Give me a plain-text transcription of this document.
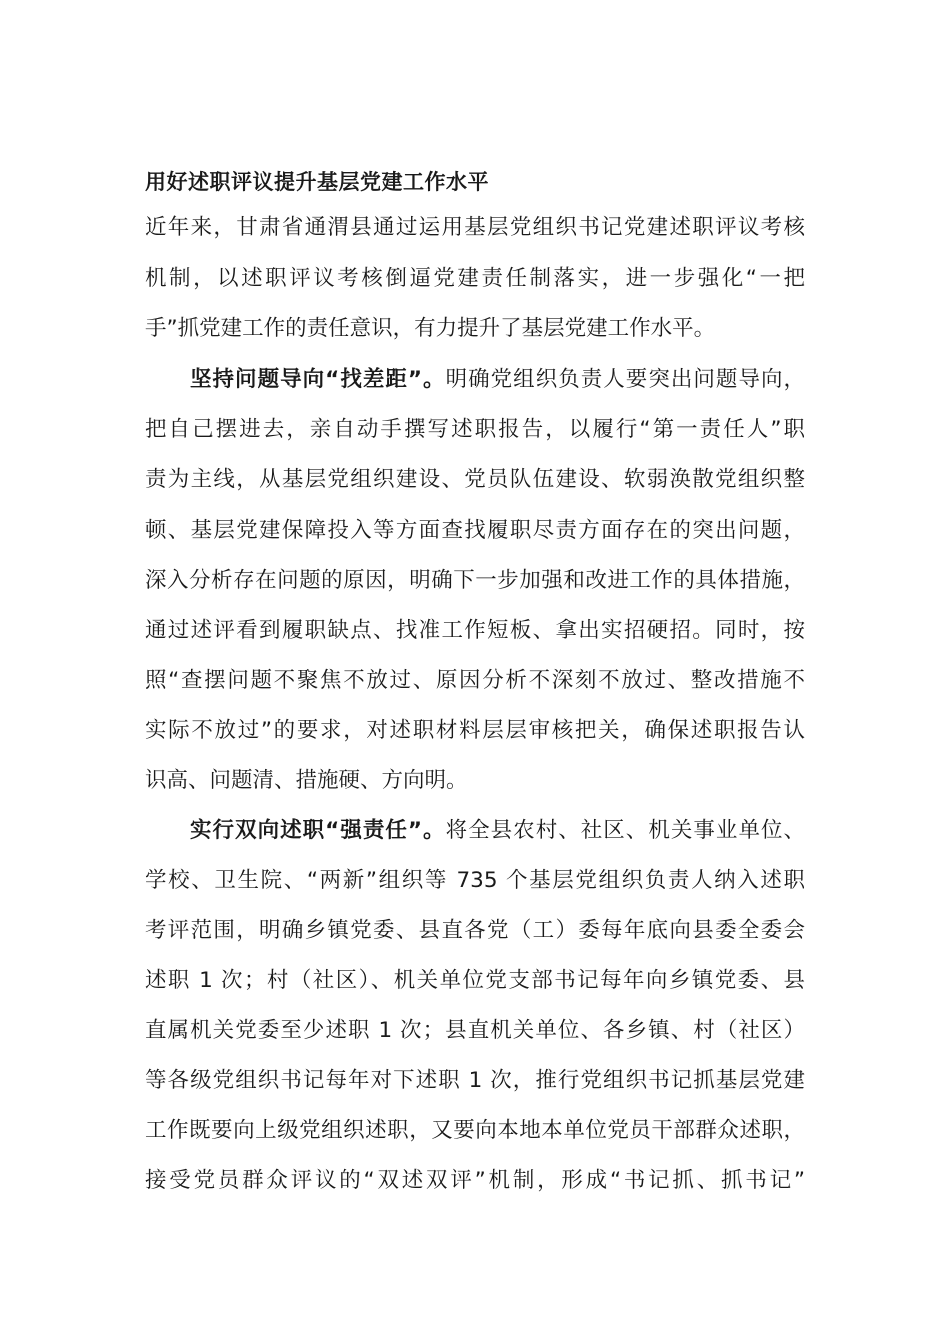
用好述职评议提升基层党建工作水平
近年来，甘肃省通渭县通过运用基层党组织书记党建述职评议考核
机制，以述职评议考核倒逼党建责任制落实，进一步强化“一把
手”抓党建工作的责任意识，有力提升了基层党建工作水平。
坚持问题导向“找差距”。明确党组织负责人要突出问题导向，
把自己摆进去，亲自动手撰写述职报告，以履行“第一责任人”职
责为主线，从基层党组织建设、党员队伍建设、软弱涣散党组织整
顿、基层党建保障投入等方面查找履职尽责方面存在的突出问题，
深入分析存在问题的原因，明确下一步加强和改进工作的具体措施，
通过述评看到履职缺点、找准工作短板、拿出实招硬招。同时，按
照“查摆问题不聚焦不放过、原因分析不深刻不放过、整改措施不
实际不放过”的要求，对述职材料层层审核把关，确保述职报告认
识高、问题清、措施硬、方向明。
实行双向述职“强责任”。将全县农村、社区、机关事业单位、
学校、卫生院、“两新”组织等 735 个基层党组织负责人纳入述职
考评范围，明确乡镇党委、县直各党（工）委每年底向县委全委会
述职 1 次；村（社区）、机关单位党支部书记每年向乡镇党委、县
直属机关党委至少述职 1 次；县直机关单位、各乡镇、村（社区）
等各级党组织书记每年对下述职 1 次，推行党组织书记抓基层党建
工作既要向上级党组织述职，又要向本地本单位党员干部群众述职，
接受党员群众评议的“双述双评”机制，形成“书记抓、抓书记”
